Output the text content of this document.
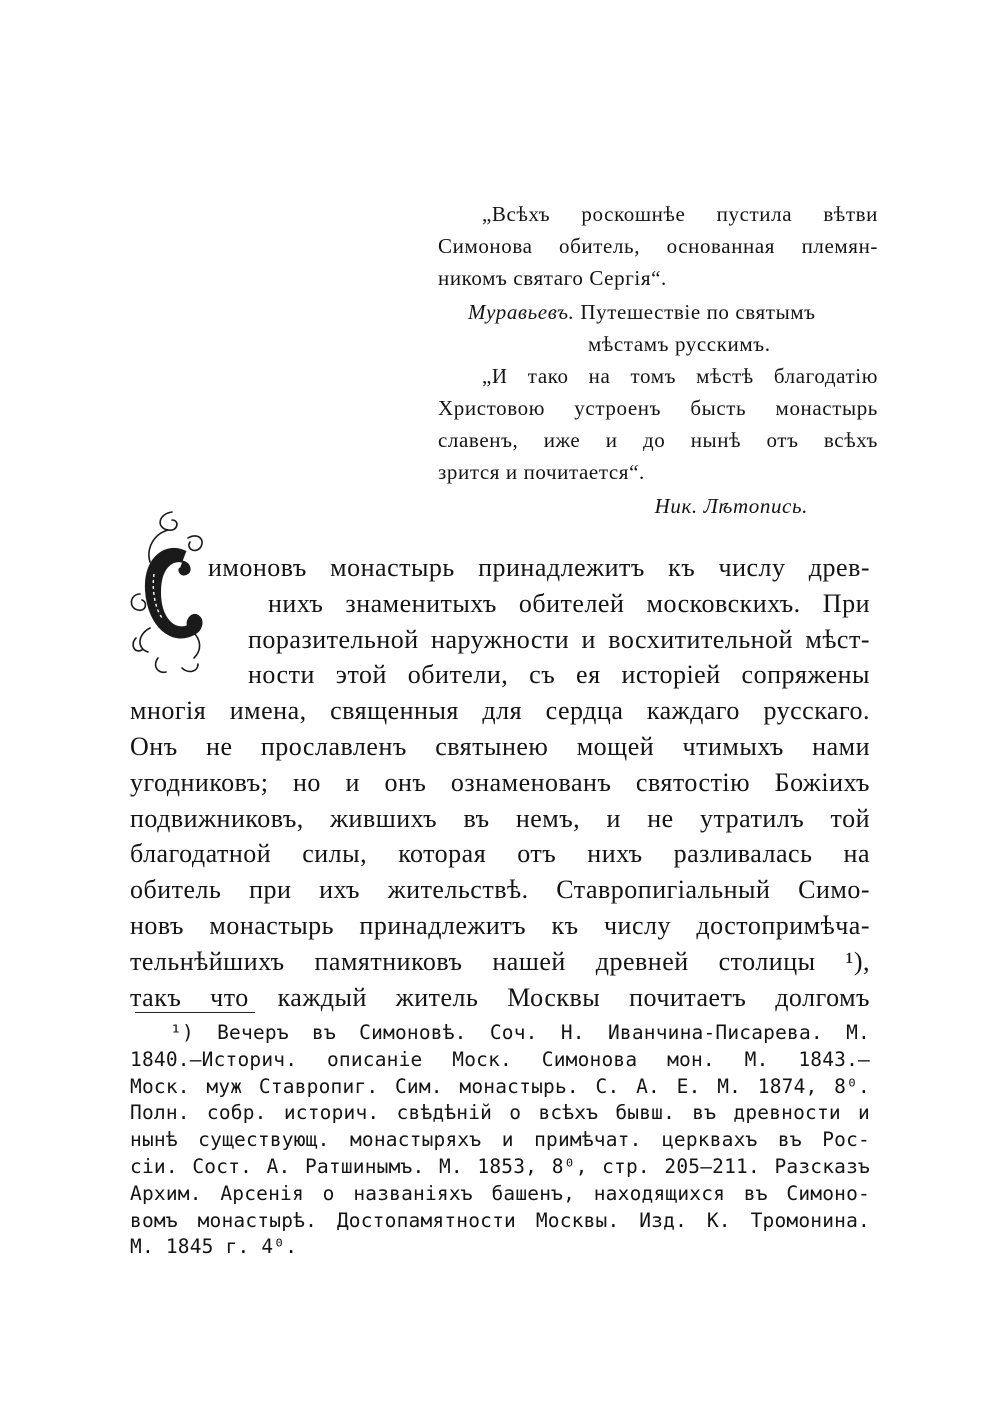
„Всѣхъ роскошнѣе пустила вѣтви
Симонова обитель, основанная племян-
никомъ святаго Сергія“.
Муравьевъ. Путешествіе по святымъ
мѣстамъ русскимъ.
„И тако на томъ мѣстѣ благодатію
Христовою устроенъ бысть монастырь
славенъ, иже и до нынѣ отъ всѣхъ
зрится и почитается“.
Ник. Лѣтопись.
имоновъ монастырь принадлежитъ къ числу древ-
нихъ знаменитыхъ обителей московскихъ. При
поразительной наружности и восхитительной мѣст-
ности этой обители, съ ея исторіей сопряжены
многія имена, священныя для сердца каждаго русскаго.
Онъ не прославленъ святынею мощей чтимыхъ нами
угодниковъ; но и онъ ознаменованъ святостію Божіихъ
подвижниковъ, жившихъ въ немъ, и не утратилъ той
благодатной силы, которая отъ нихъ разливалась на
обитель при ихъ жительствѣ. Ставропигіальный Симо-
новъ монастырь принадлежитъ къ числу достопримѣча-
тельнѣйшихъ памятниковъ нашей древней столицы ¹),
такъ что каждый житель Москвы почитаетъ долгомъ
¹) Вечеръ въ Симоновѣ. Соч. Н. Иванчина-Писарева. М.
1840.—Историч. описаніе Моск. Симонова мон. М. 1843.—
Моск. муж Ставропиг. Сим. монастырь. С. А. Е. М. 1874, 8⁰.
Полн. собр. историч. свѣдѣній о всѣхъ бывш. въ древности и
нынѣ существующ. монастыряхъ и примѣчат. церквахъ въ Рос-
сіи. Сост. А. Ратшинымъ. М. 1853, 8⁰, стр. 205—211. Разсказъ
Архим. Арсенія о названіяхъ башенъ, находящихся въ Симоно-
вомъ монастырѣ. Достопамятности Москвы. Изд. К. Тромонина.
М. 1845 г. 4⁰.
